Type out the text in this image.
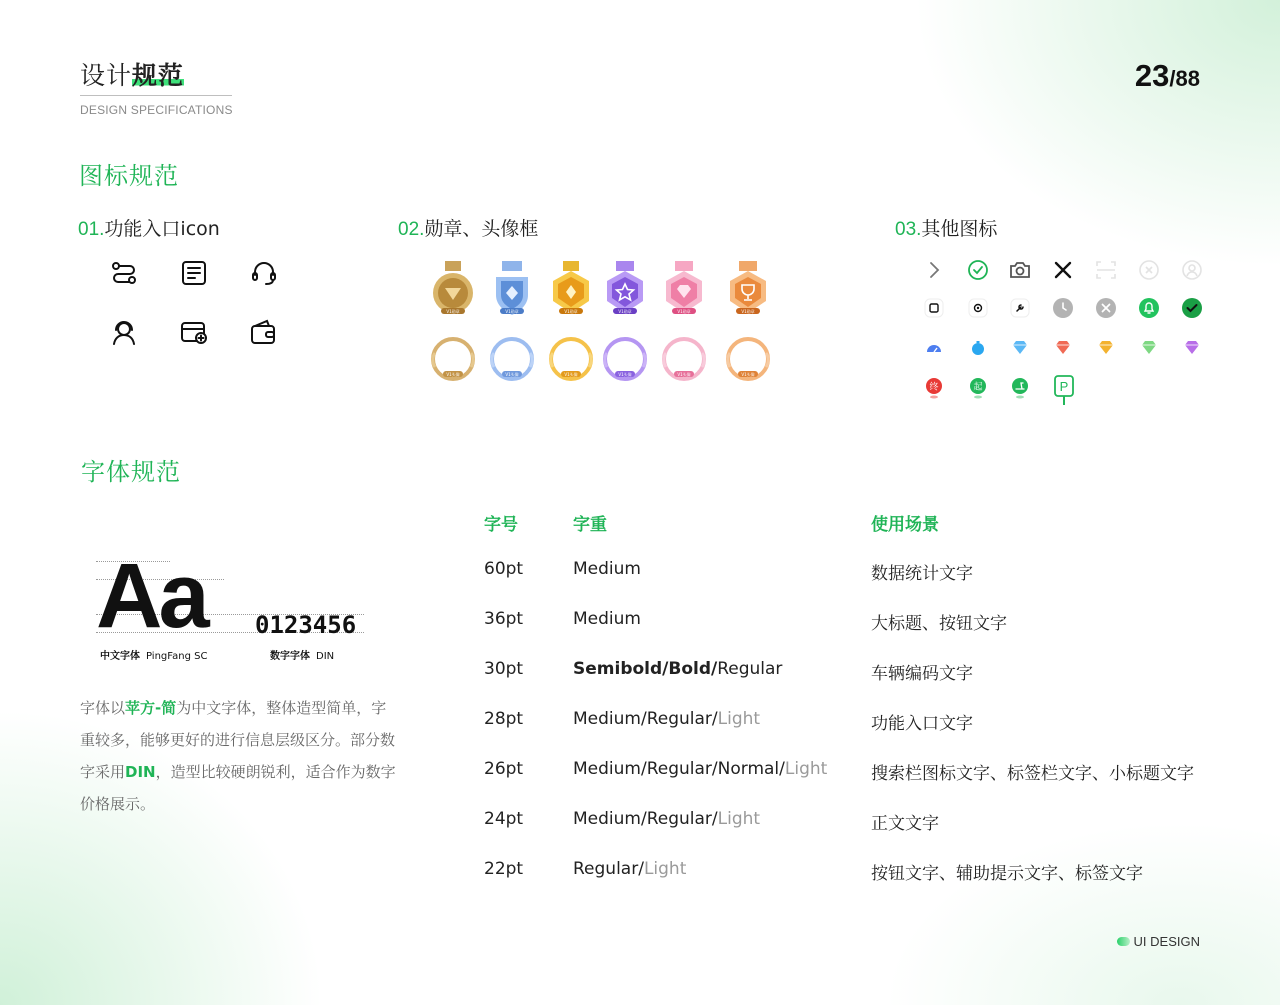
设计规范
DESIGN SPECIFICATIONS
23/88
图标规范
01.功能入口icon	02.勋章、头像框	03.其他图标
V1勋章	V1勋章	V1勋章	V1勋章	V1勋章	V1勋章
V1头像	V1头像	V1头像	V1头像	V1头像	V1头像
终	起	P
字体规范
Aa 0123456
中文字体 PingFang SC	数字字体 DIN
字体以苹方-简为中文字体，整体造型简单，字重较多，能够更好的进行信息层级区分。部分数字采用DIN，造型比较硬朗锐利，适合作为数字价格展示。
字号	字重	使用场景
60pt	Medium	数据统计文字
36pt	Medium	大标题、按钮文字
30pt	Semibold/Bold/Regular	车辆编码文字
28pt	Medium/Regular/Light	功能入口文字
26pt	Medium/Regular/Normal/Light	搜索栏图标文字、标签栏文字、小标题文字
24pt	Medium/Regular/Light	正文文字
22pt	Regular/Light	按钮文字、辅助提示文字、标签文字
UI DESIGN
